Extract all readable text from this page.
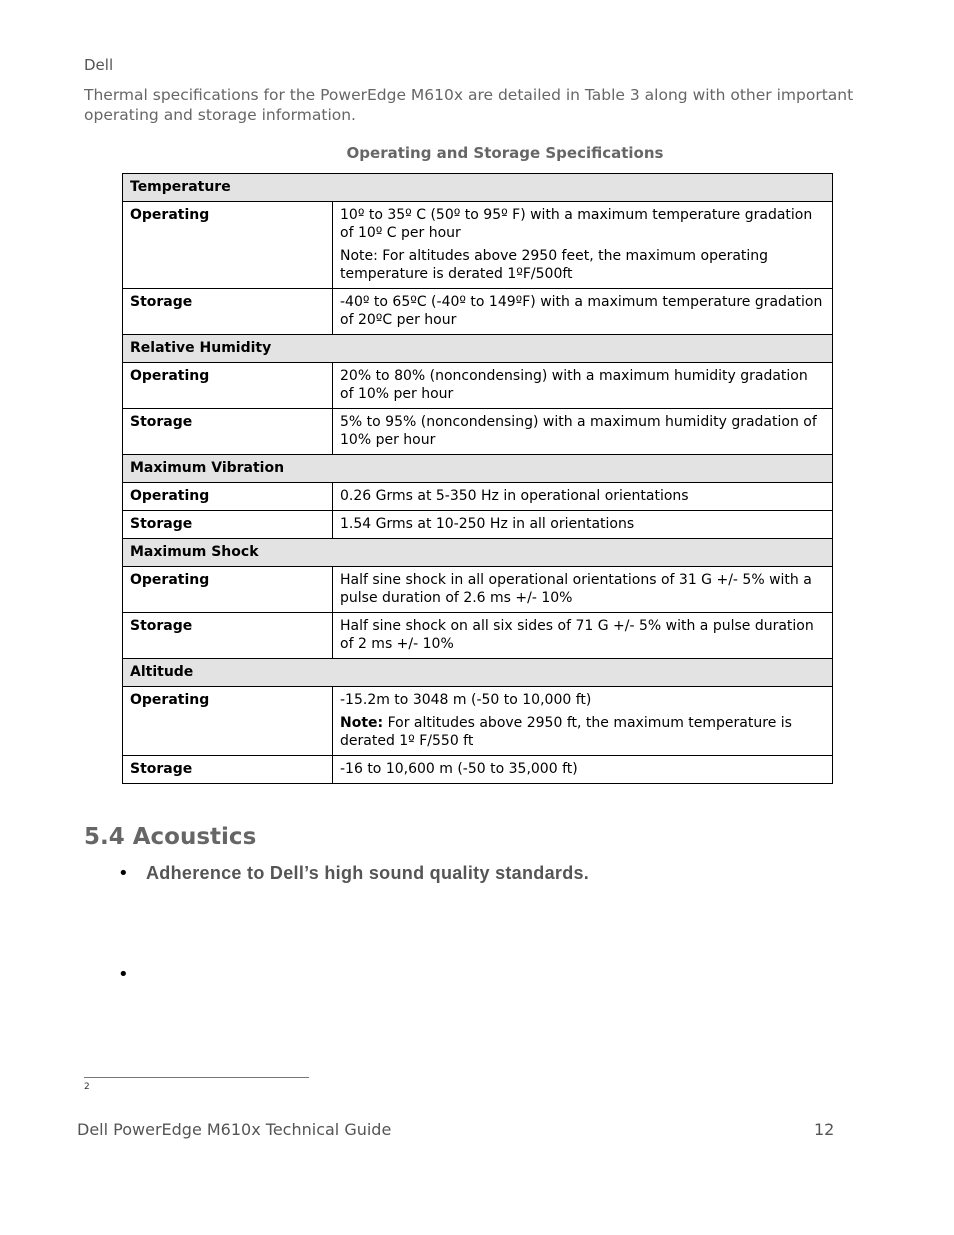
Dell
Thermal specifications for the PowerEdge M610x are detailed in Table 3 along with other important operating and storage information.
Operating and Storage Specifications
Temperature	
Operating	10º to 35º C (50º to 95º F) with a maximum temperature gradation of 10º C per hour

Note: For altitudes above 2950 feet, the maximum operating temperature is derated 1ºF/500ft

Storage	-40º to 65ºC (-40º to 149ºF) with a maximum temperature gradation of 20ºC per hour
Relative Humidity	
Operating	20% to 80% (noncondensing) with a maximum humidity gradation of 10% per hour
Storage	5% to 95% (noncondensing) with a maximum humidity gradation of 10% per hour
Maximum Vibration	
Operating	0.26 Grms at 5-350 Hz in operational orientations
Storage	1.54 Grms at 10-250 Hz in all orientations
Maximum Shock	
Operating	Half sine shock in all operational orientations of 31 G +/- 5% with a pulse duration of 2.6 ms +/- 10%
Storage	Half sine shock on all six sides of 71 G +/- 5% with a pulse duration of 2 ms +/- 10%
Altitude	
Operating	-15.2m to 3048 m (-50 to 10,000 ft)

Note: For altitudes above 2950 ft, the maximum temperature is derated 1º F/550 ft

Storage	-16 to 10,600 m (-50 to 35,000 ft)
5.4 Acoustics
• Adherence to Dell’s high sound quality standards.
•
2
Dell PowerEdge M610x Technical Guide	12
